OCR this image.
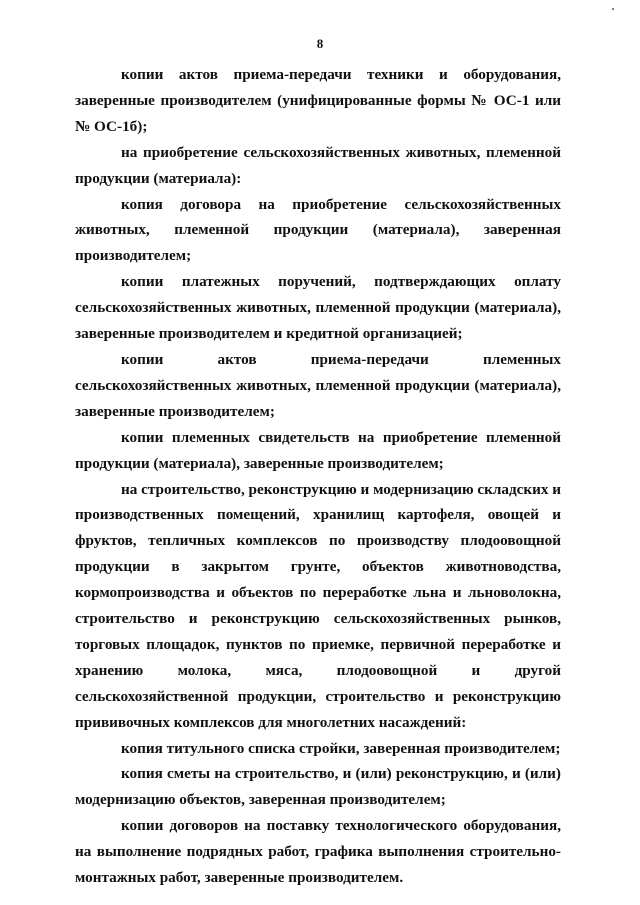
8

копии актов приема-передачи техники и оборудования, заверенные производителем (унифицированные формы № ОС-1 или № ОС-1б);

на приобретение сельскохозяйственных животных, племенной продукции (материала):

копия договора на приобретение сельскохозяйственных животных, племенной продукции (материала), заверенная производителем;

копии платежных поручений, подтверждающих оплату сельскохозяйственных животных, племенной продукции (материала), заверенные производителем и кредитной организацией;

копии актов приема-передачи племенных сельскохозяйственных животных, племенной продукции (материала), заверенные производителем;

копии племенных свидетельств на приобретение племенной продукции (материала), заверенные производителем;

на строительство, реконструкцию и модернизацию складских и производственных помещений, хранилищ картофеля, овощей и фруктов, тепличных комплексов по производству плодоовощной продукции в закрытом грунте, объектов животноводства, кормопроизводства и объектов по переработке льна и льноволокна, строительство и реконструкцию сельскохозяйственных рынков, торговых площадок, пунктов по приемке, первичной переработке и хранению молока, мяса, плодоовощной и другой сельскохозяйственной продукции, строительство и реконструкцию прививочных комплексов для многолетних насаждений:

копия титульного списка стройки, заверенная производителем;

копия сметы на строительство, и (или) реконструкцию, и (или) модернизацию объектов, заверенная производителем;

копии договоров на поставку технологического оборудования, на выполнение подрядных работ, графика выполнения строительно-монтажных работ, заверенные производителем.
